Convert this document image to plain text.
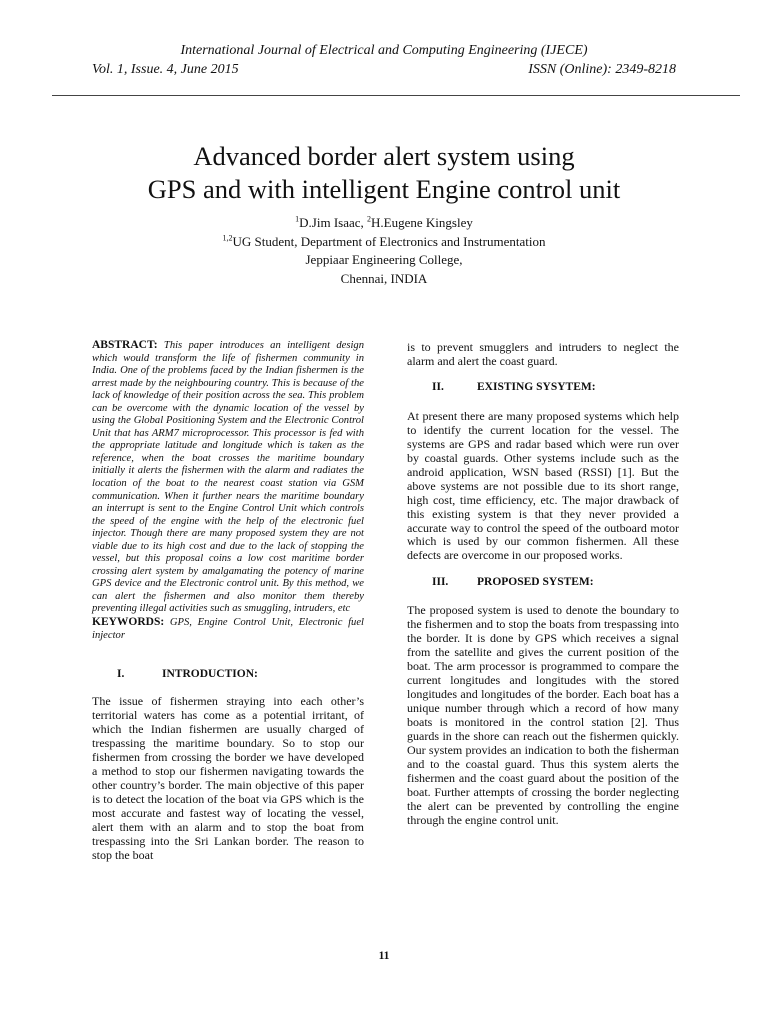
International Journal of Electrical and Computing Engineering (IJECE)
Vol. 1, Issue. 4, June 2015	ISSN (Online): 2349-8218
Advanced border alert system using
GPS and with intelligent Engine control unit
$^1$D.Jim Isaac, $^2$H.Eugene Kingsley
$^{1,2}$UG Student, Department of Electronics and Instrumentation
Jeppiaar Engineering College,
Chennai, INDIA

ABSTRACT: This paper introduces an intelligent design which would transform the life of fishermen community in India. One of the problems faced by the Indian fishermen is the arrest made by the neighbouring country. This is because of the lack of knowledge of their position across the sea. This problem can be overcome with the dynamic location of the vessel by using the Global Positioning System and the Electronic Control Unit that has ARM7 microprocessor. This processor is fed with the appropriate latitude and longitude which is taken as the reference, when the boat crosses the maritime boundary initially it alerts the fishermen with the alarm and radiates the location of the boat to the nearest coast station via GSM communication. When it further nears the maritime boundary an interrupt is sent to the Engine Control Unit which controls the speed of the engine with the help of the electronic fuel injector. Though there are many proposed system they are not viable due to its high cost and due to the lack of stopping the vessel, but this proposal coins a low cost maritime border crossing alert system by amalgamating the potency of marine GPS device and the Electronic control unit. By this method, we can alert the fishermen and also monitor them thereby preventing illegal activities such as smuggling, intruders, etc

KEYWORDS: GPS, Engine Control Unit, Electronic fuel injector

I.	INTRODUCTION:

The issue of fishermen straying into each other’s territorial waters has come as a potential irritant, of which the Indian fishermen are usually charged of trespassing the maritime boundary. So to stop our fishermen from crossing the border we have developed a method to stop our fishermen navigating towards the other country’s border. The main objective of this paper is to detect the location of the boat via GPS which is the most accurate and fastest way of locating the vessel, alert them with an alarm and to stop the boat from trespassing into the Sri Lankan border. The reason to stop the boat

is to prevent smugglers and intruders to neglect the alarm and alert the coast guard.

II.	EXISTING SYSYTEM:

At present there are many proposed systems which help to identify the current location for the vessel. The systems are GPS and radar based which were run over by coastal guards. Other systems include such as the android application, WSN based (RSSI) [1]. But the above systems are not possible due to its short range, high cost, time efficiency, etc. The major drawback of this existing system is that they never provided a accurate way to control the speed of the outboard motor which is used by our common fishermen. All these defects are overcome in our proposed works.

III. PROPOSED SYSTEM:

The proposed system is used to denote the boundary to the fishermen and to stop the boats from trespassing into the border. It is done by GPS which receives a signal from the satellite and gives the current position of the boat. The arm processor is programmed to compare the current longitudes and longitudes with the stored longitudes and longitudes of the border. Each boat has a unique number through which a record of how many boats is monitored in the control station [2]. Thus guards in the shore can reach out the fishermen quickly. Our system provides an indication to both the fisherman and to the coastal guard. Thus this system alerts the fishermen and the coast guard about the position of the boat. Further attempts of crossing the border neglecting the alert can be prevented by controlling the engine through the engine control unit.

11
